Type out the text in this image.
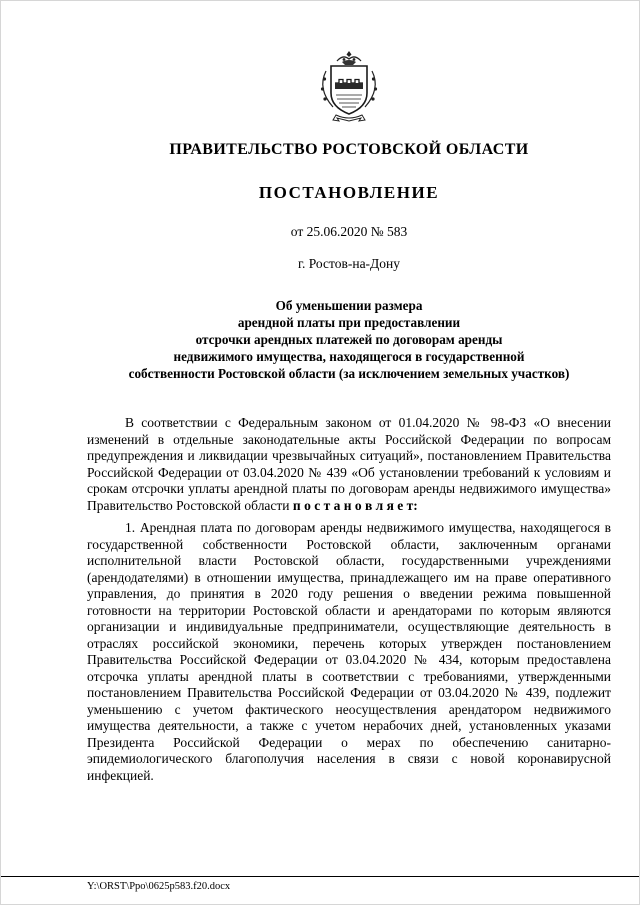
ПРАВИТЕЛЬСТВО РОСТОВСКОЙ ОБЛАСТИ
ПОСТАНОВЛЕНИЕ
от 25.06.2020 № 583
г. Ростов-на-Дону
Об уменьшении размера
арендной платы при предоставлении
отсрочки арендных платежей по договорам аренды
недвижимого имущества, находящегося в государственной
собственности Ростовской области (за исключением земельных участков)

В соответствии с Федеральным законом от 01.04.2020 № 98-ФЗ «О внесении изменений в отдельные законодательные акты Российской Федерации по вопросам предупреждения и ликвидации чрезвычайных ситуаций», постановлением Правительства Российской Федерации от 03.04.2020 № 439 «Об установлении требований к условиям и срокам отсрочки уплаты арендной платы по договорам аренды недвижимого имущества» Правительство Ростовской области п о с т а н о в л я е т:

1. Арендная плата по договорам аренды недвижимого имущества, находящегося в государственной собственности Ростовской области, заключенным органами исполнительной власти Ростовской области, государственными учреждениями (арендодателями) в отношении имущества, принадлежащего им на праве оперативного управления, до принятия в 2020 году решения о введении режима повышенной готовности на территории Ростовской области и арендаторами по которым являются организации и индивидуальные предприниматели, осуществляющие деятельность в отраслях российской экономики, перечень которых утвержден постановлением Правительства Российской Федерации от 03.04.2020 № 434, которым предоставлена отсрочка уплаты арендной платы в соответствии с требованиями, утвержденными постановлением Правительства Российской Федерации от 03.04.2020 № 439, подлежит уменьшению с учетом фактического неосуществления арендатором недвижимого имущества деятельности, а также с учетом нерабочих дней, установленных указами Президента Российской Федерации о мерах по обеспечению санитарно-эпидемиологического благополучия населения в связи с новой коронавирусной инфекцией.

Y:\ORST\Ppo\0625p583.f20.docx
